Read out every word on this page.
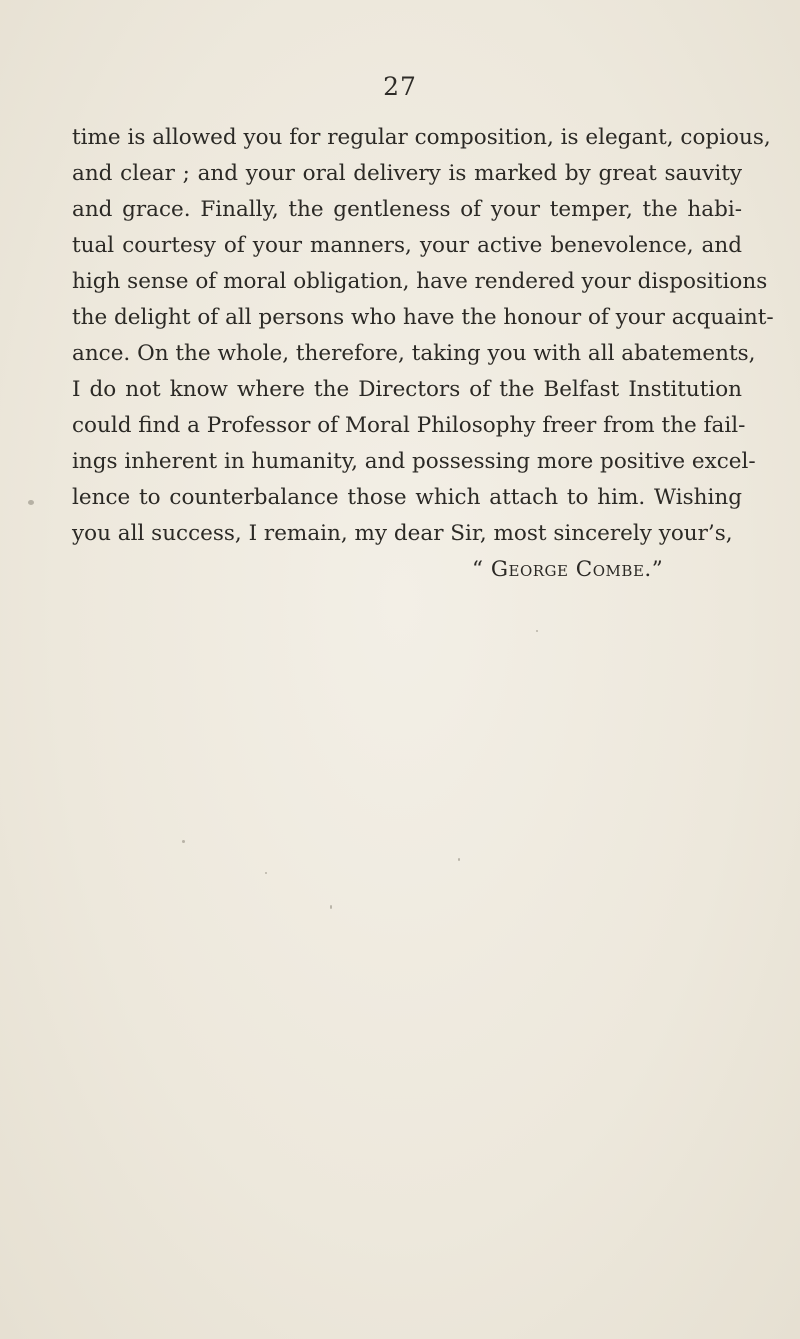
27
time is allowed you for regular composition, is elegant, copious,
and clear ; and your oral delivery is marked by great sauvity
and grace. Finally, the gentleness of your temper, the habi-
tual courtesy of your manners, your active benevolence, and
high sense of moral obligation, have rendered your dispositions
the delight of all persons who have the honour of your acquaint-
ance. On the whole, therefore, taking you with all abatements,
I do not know where the Directors of the Belfast Institution
could find a Professor of Moral Philosophy freer from the fail-
ings inherent in humanity, and possessing more positive excel-
lence to counterbalance those which attach to him. Wishing
you all success, I remain, my dear Sir, most sincerely your’s,
“ George Combe.”
